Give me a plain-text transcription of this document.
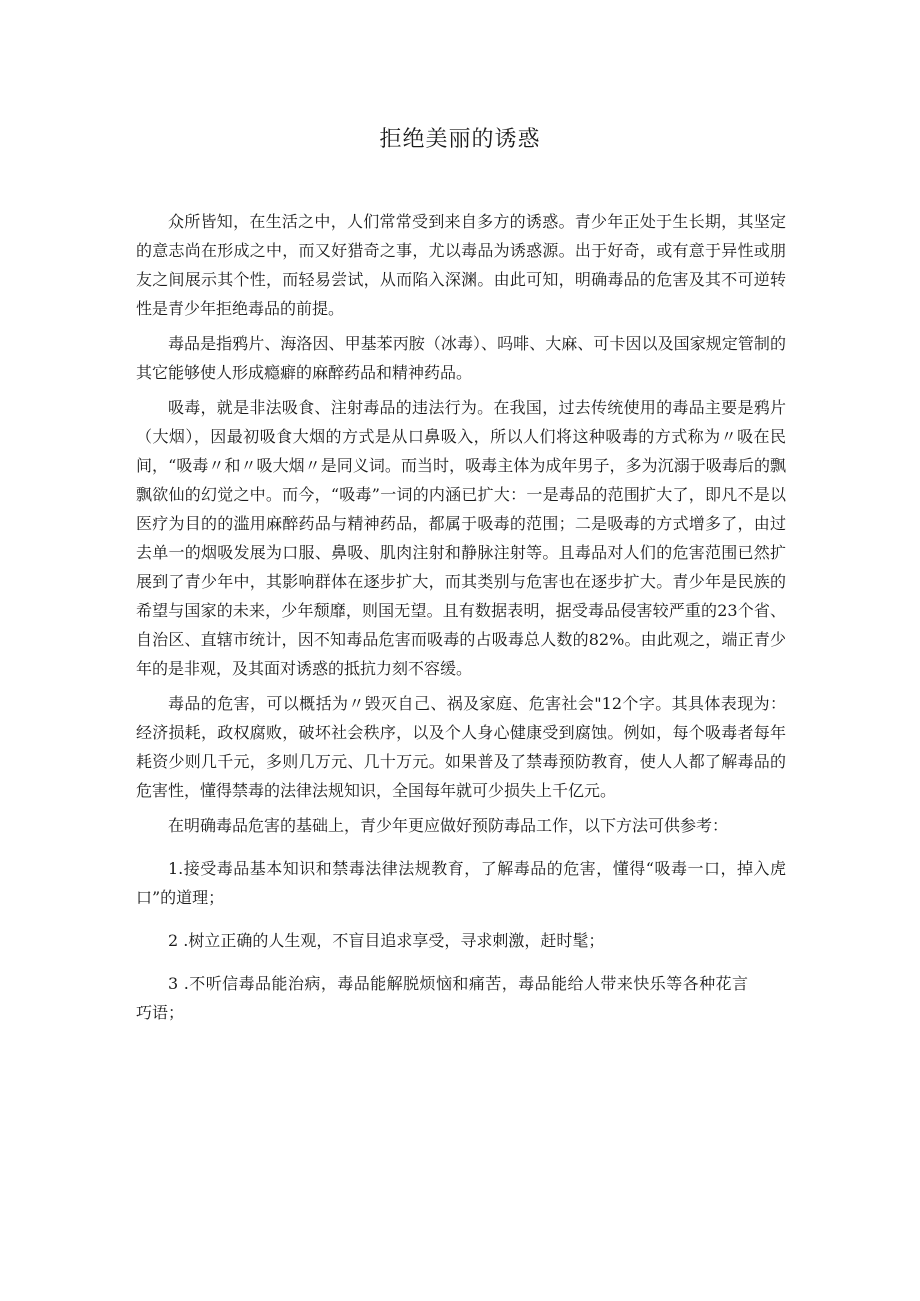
拒绝美丽的诱惑

众所皆知，在生活之中，人们常常受到来自多方的诱惑。青少年正处于生长期，其坚定的意志尚在形成之中，而又好猎奇之事，尤以毒品为诱惑源。出于好奇，或有意于异性或朋友之间展示其个性，而轻易尝试，从而陷入深渊。由此可知，明确毒品的危害及其不可逆转性是青少年拒绝毒品的前提。

毒品是指鸦片、海洛因、甲基苯丙胺（冰毒）、吗啡、大麻、可卡因以及国家规定管制的其它能够使人形成瘾癖的麻醉药品和精神药品。

吸毒，就是非法吸食、注射毒品的违法行为。在我国，过去传统使用的毒品主要是鸦片（大烟），因最初吸食大烟的方式是从口鼻吸入，所以人们将这种吸毒的方式称为〃吸在民间，“吸毒〃和〃吸大烟〃是同义词。而当时，吸毒主体为成年男子，多为沉溺于吸毒后的飘飘欲仙的幻觉之中。而今，“吸毒”一词的内涵已扩大：一是毒品的范围扩大了，即凡不是以医疗为目的的滥用麻醉药品与精神药品，都属于吸毒的范围；二是吸毒的方式增多了，由过去单一的烟吸发展为口服、鼻吸、肌肉注射和静脉注射等。且毒品对人们的危害范围已然扩展到了青少年中，其影响群体在逐步扩大，而其类别与危害也在逐步扩大。青少年是民族的希望与国家的未来，少年颓靡，则国无望。且有数据表明，据受毒品侵害较严重的23个省、自治区、直辖市统计，因不知毒品危害而吸毒的占吸毒总人数的82%。由此观之，端正青少年的是非观，及其面对诱惑的抵抗力刻不容缓。

毒品的危害，可以概括为〃毁灭自己、祸及家庭、危害社会"12个字。其具体表现为：经济损耗，政权腐败，破坏社会秩序，以及个人身心健康受到腐蚀。例如，每个吸毒者每年耗资少则几千元，多则几万元、几十万元。如果普及了禁毒预防教育，使人人都了解毒品的危害性，懂得禁毒的法律法规知识，全国每年就可少损失上千亿元。

在明确毒品危害的基础上，青少年更应做好预防毒品工作，以下方法可供参考：

1.接受毒品基本知识和禁毒法律法规教育，了解毒品的危害，懂得“吸毒一口，掉入虎口”的道理；

2 .树立正确的人生观，不盲目追求享受，寻求刺激，赶时髦；

3 .不听信毒品能治病，毒品能解脱烦恼和痛苦，毒品能给人带来快乐等各种花言巧语；
